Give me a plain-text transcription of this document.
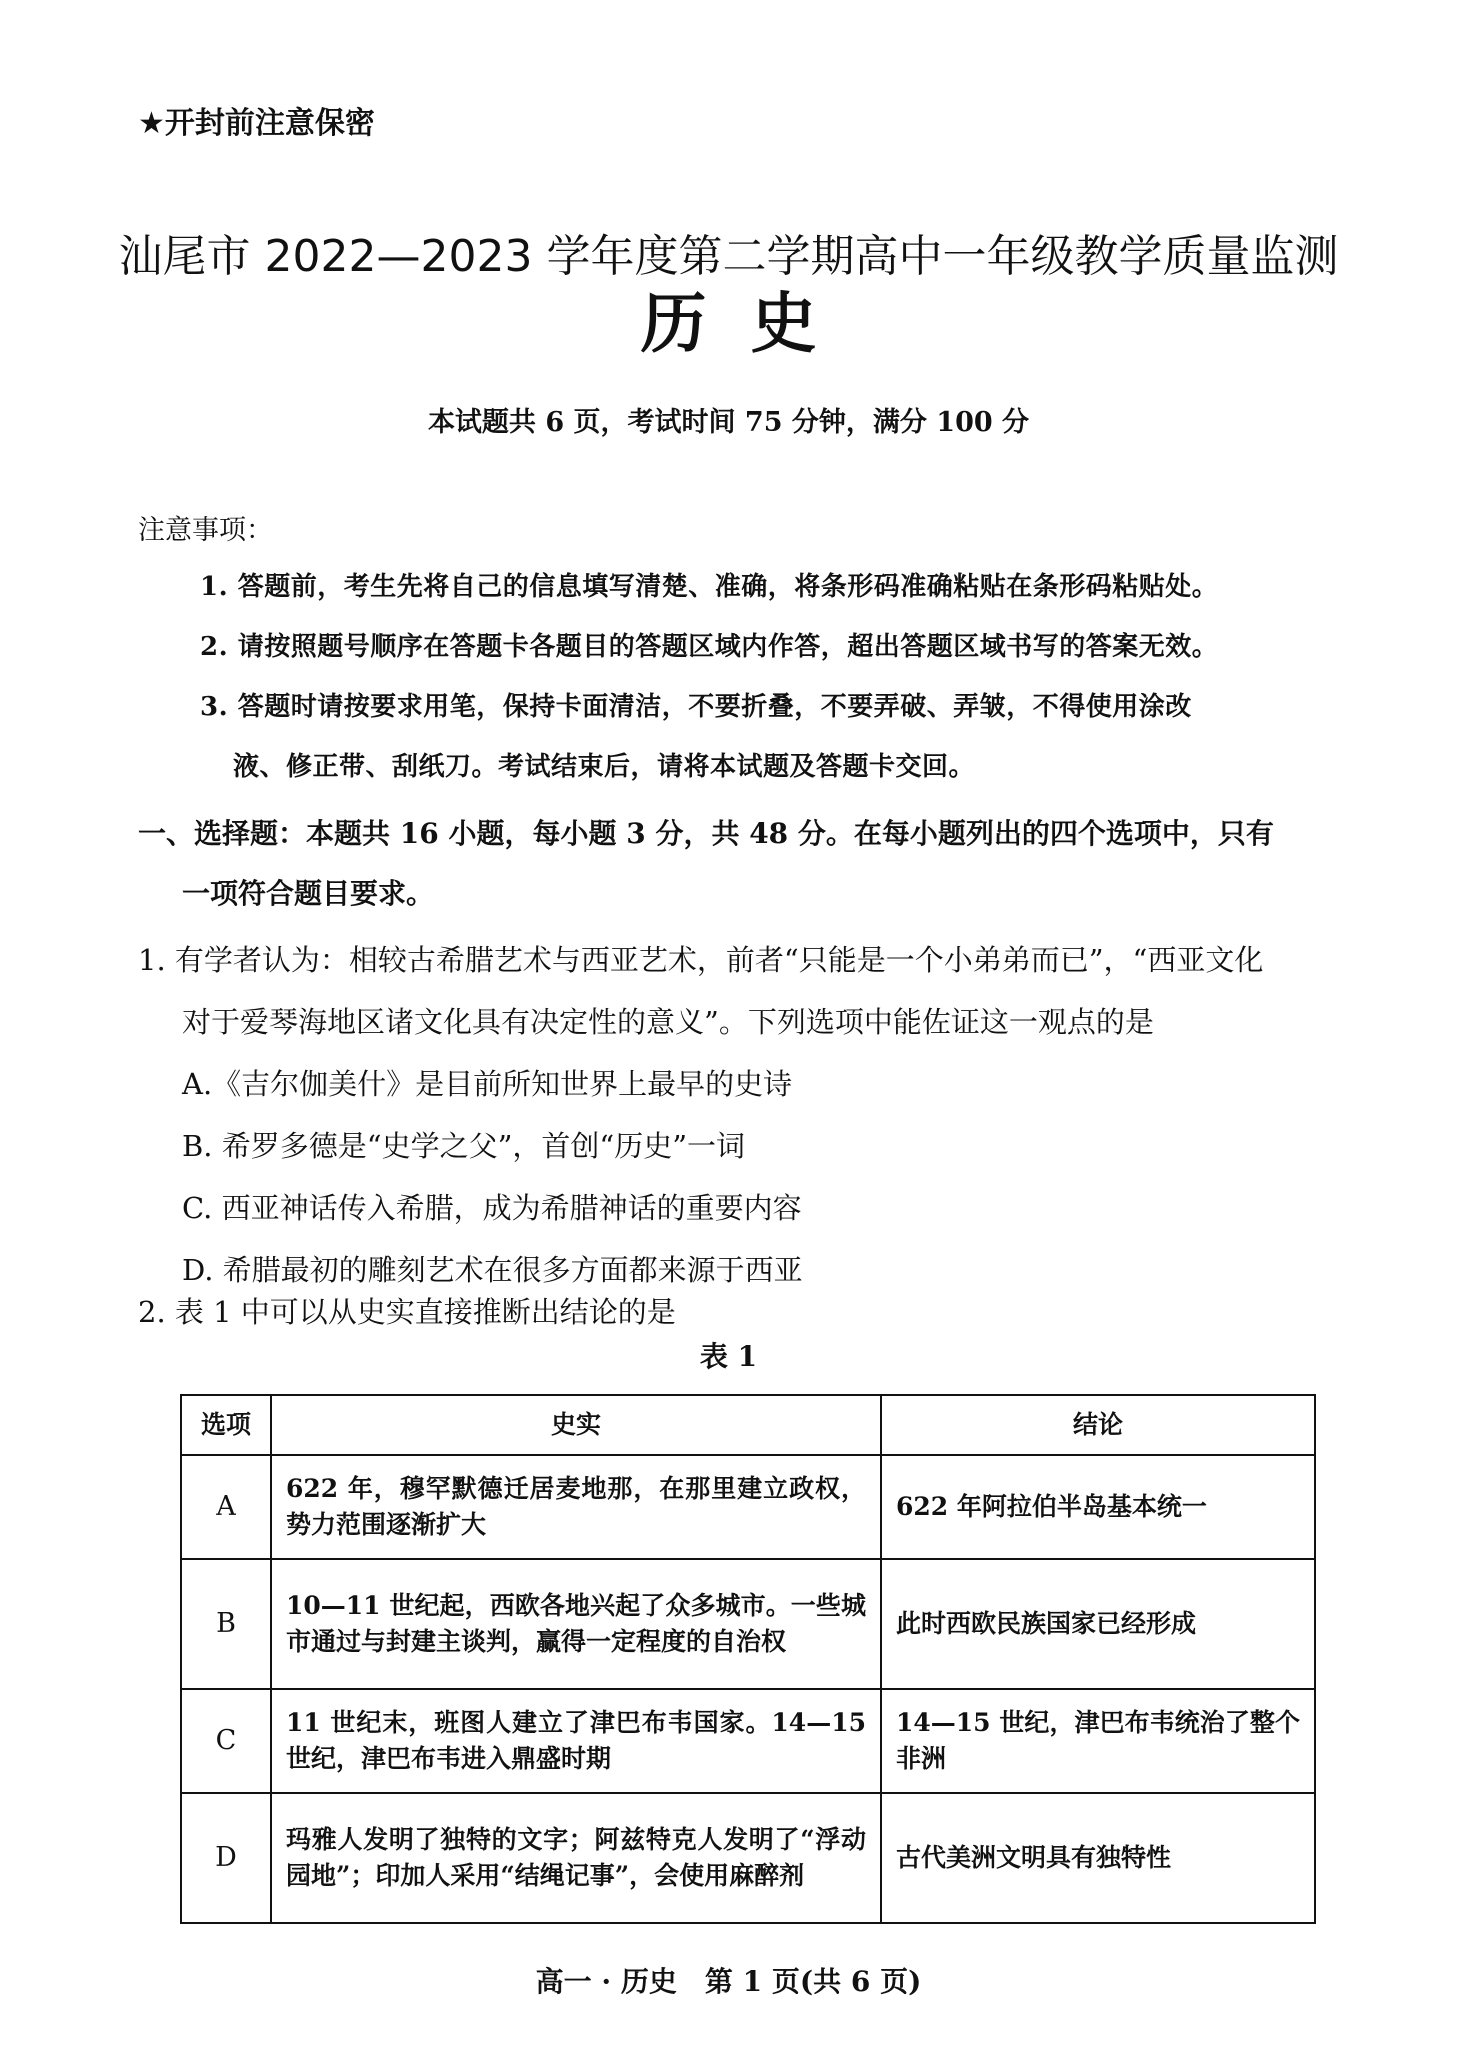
★开封前注意保密
汕尾市 2022—2023 学年度第二学期高中一年级教学质量监测
历史
本试题共 6 页，考试时间 75 分钟，满分 100 分
注意事项：
1. 答题前，考生先将自己的信息填写清楚、准确，将条形码准确粘贴在条形码粘贴处。
2. 请按照题号顺序在答题卡各题目的答题区域内作答，超出答题区域书写的答案无效。
3. 答题时请按要求用笔，保持卡面清洁，不要折叠，不要弄破、弄皱，不得使用涂改
液、修正带、刮纸刀。考试结束后，请将本试题及答题卡交回。
一、选择题：本题共 16 小题，每小题 3 分，共 48 分。在每小题列出的四个选项中，只有
一项符合题目要求。
1. 有学者认为：相较古希腊艺术与西亚艺术，前者“只能是一个小弟弟而已”，“西亚文化
对于爱琴海地区诸文化具有决定性的意义”。下列选项中能佐证这一观点的是
A.《吉尔伽美什》是目前所知世界上最早的史诗
B. 希罗多德是“史学之父”，首创“历史”一词
C. 西亚神话传入希腊，成为希腊神话的重要内容
D. 希腊最初的雕刻艺术在很多方面都来源于西亚
2. 表 1 中可以从史实直接推断出结论的是
表 1
选项	史实	结论
A	622 年，穆罕默德迁居麦地那，在那里建立政权，势力范围逐渐扩大	622 年阿拉伯半岛基本统一
B	10—11 世纪起，西欧各地兴起了众多城市。一些城市通过与封建主谈判，赢得一定程度的自治权	此时西欧民族国家已经形成
C	11 世纪末，班图人建立了津巴布韦国家。14—15 世纪，津巴布韦进入鼎盛时期	14—15 世纪，津巴布韦统治了整个非洲
D	玛雅人发明了独特的文字；阿兹特克人发明了“浮动园地”；印加人采用“结绳记事”，会使用麻醉剂	古代美洲文明具有独特性
高一 · 历史　第 1 页(共 6 页)
